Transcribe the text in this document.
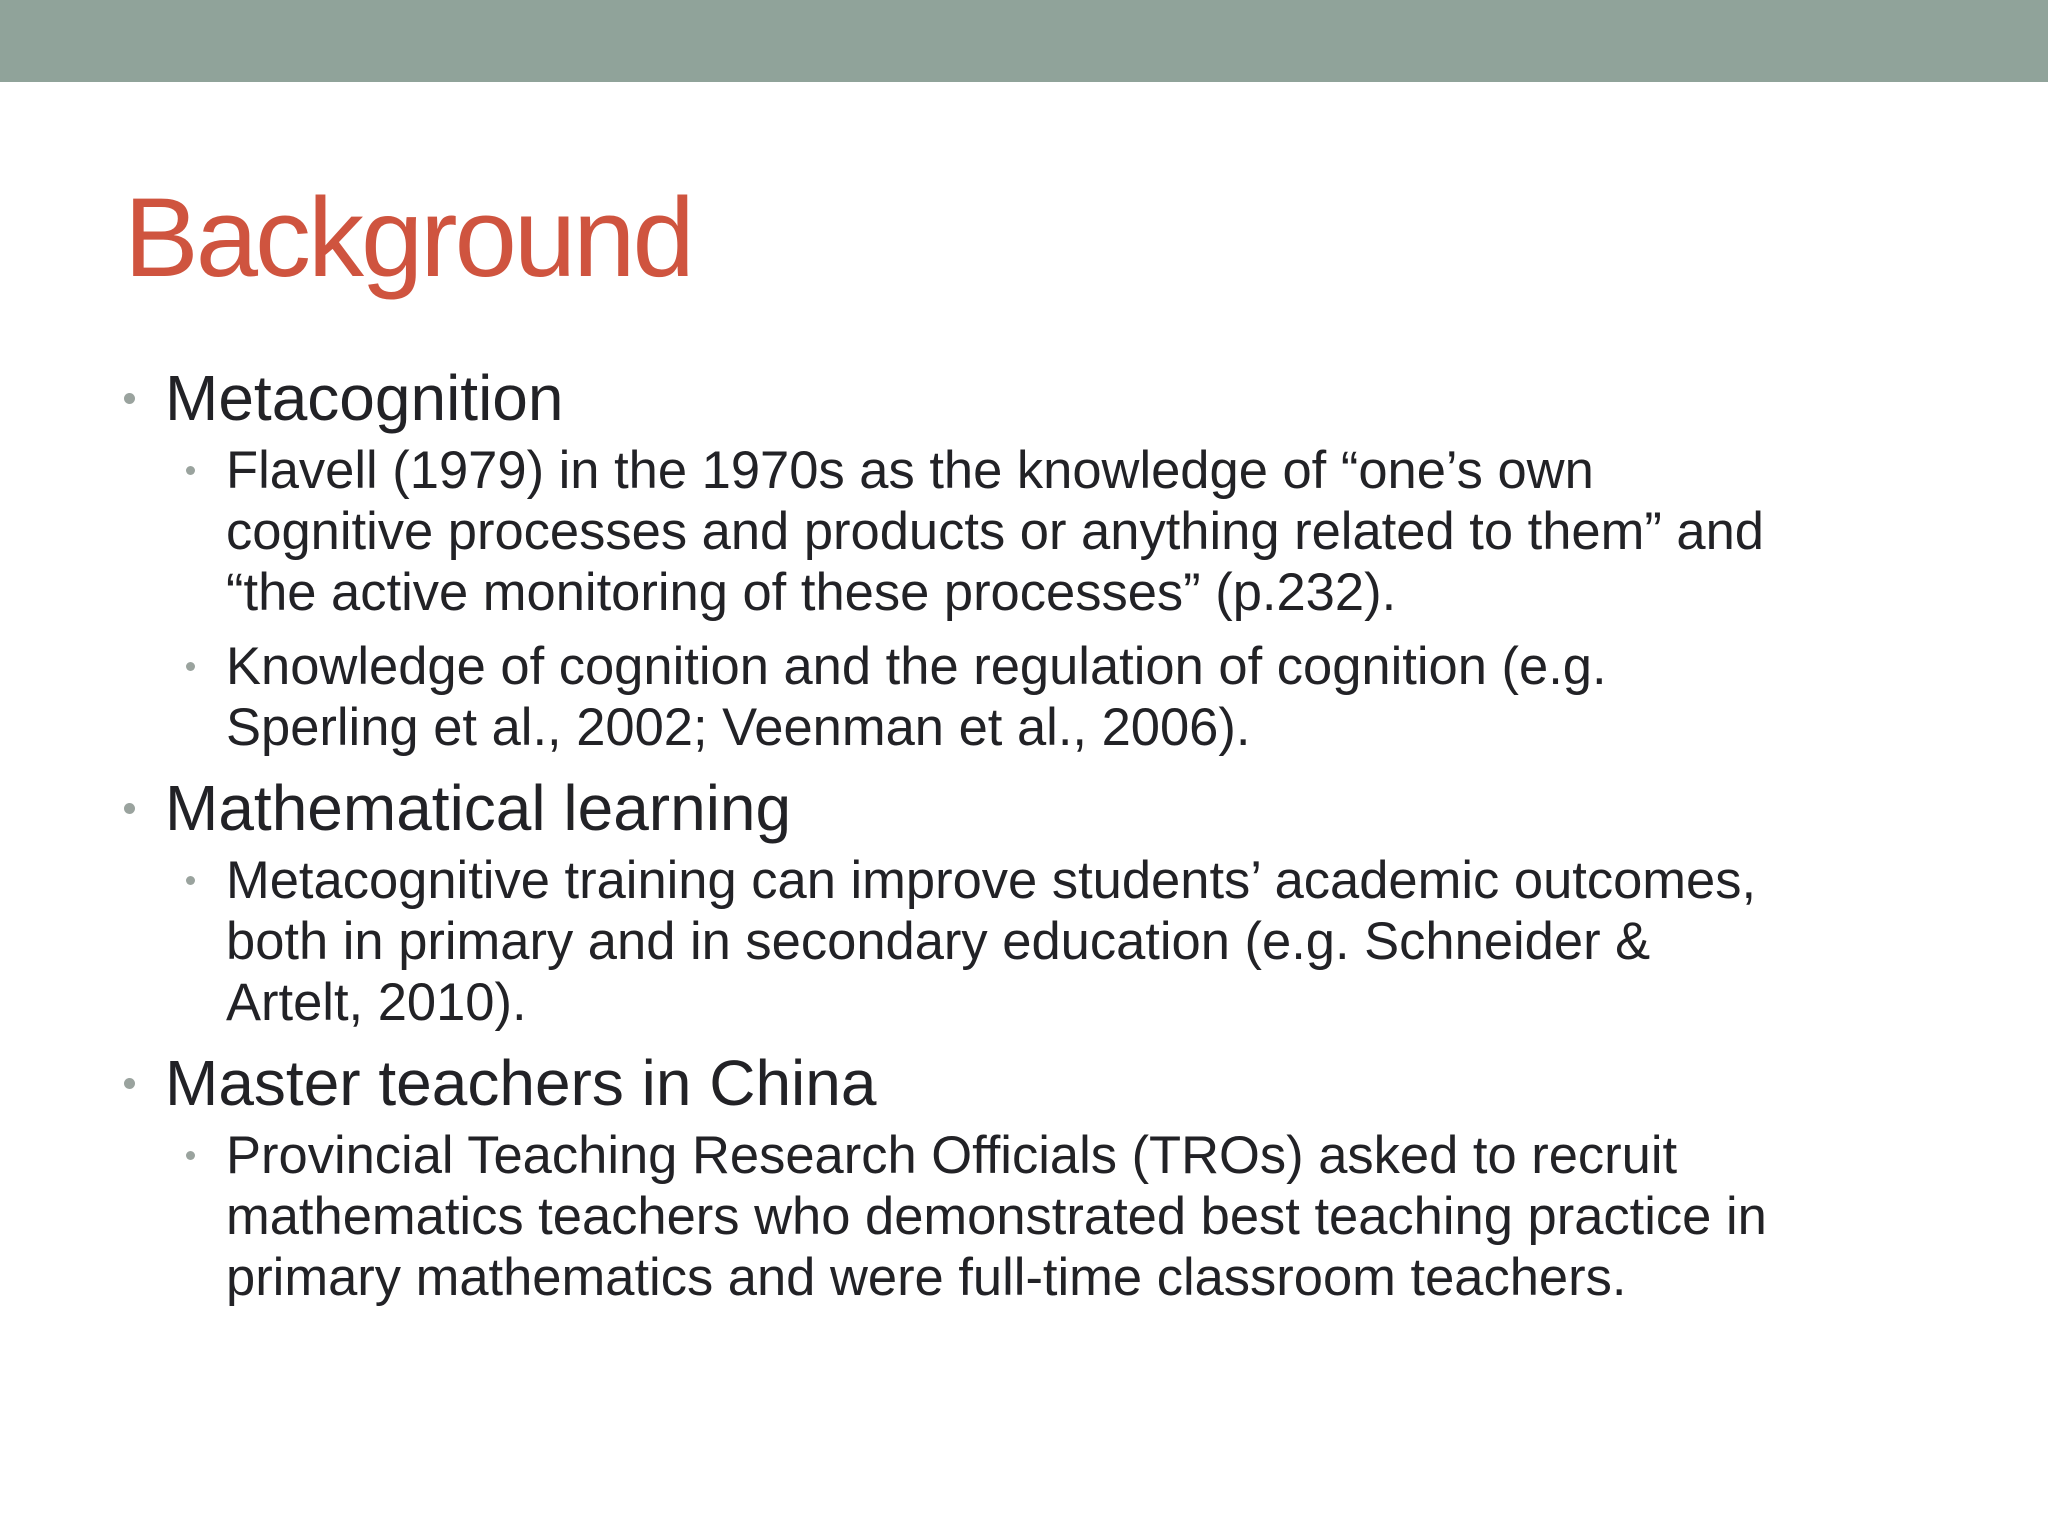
Background
Metacognition
Flavell (1979) in the 1970s as the knowledge of “one’s own
cognitive processes and products or anything related to them” and
“the active monitoring of these processes” (p.232).
Knowledge of cognition and the regulation of cognition (e.g.
Sperling et al., 2002; Veenman et al., 2006).
Mathematical learning
Metacognitive training can improve students’ academic outcomes,
both in primary and in secondary education (e.g. Schneider &
Artelt, 2010).
Master teachers in China
Provincial Teaching Research Officials (TROs) asked to recruit
mathematics teachers who demonstrated best teaching practice in
primary mathematics and were full-time classroom teachers.
